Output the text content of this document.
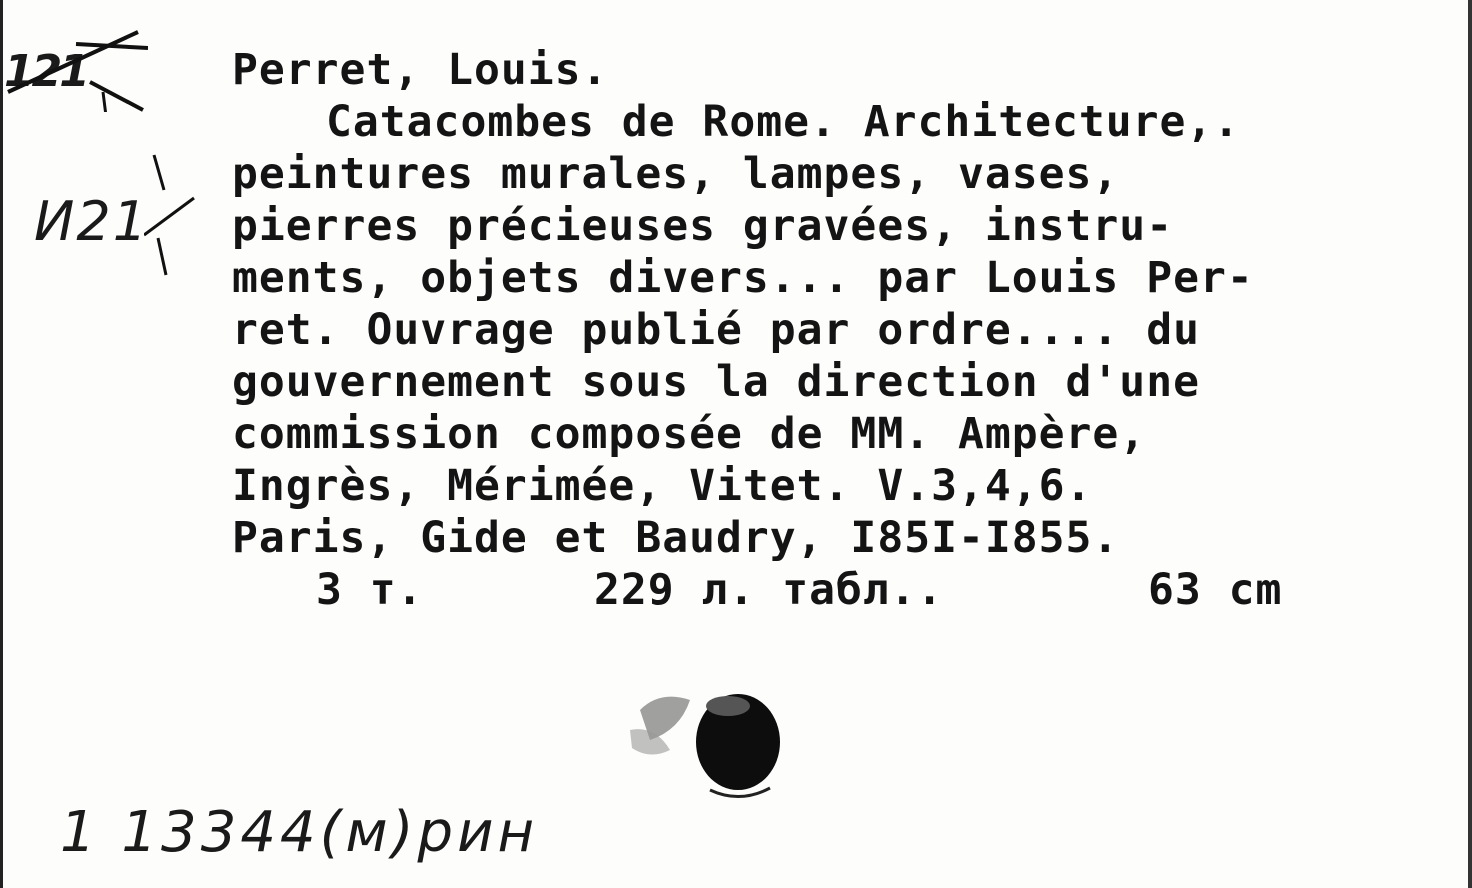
121
И21
Perret, Louis.
Catacombes de Rome. Architecture,.
peintures murales, lampes, vases,
pierres précieuses gravées, instru-
ments, objets divers... par Louis Per-
ret. Ouvrage publié par ordre.... du
gouvernement sous la direction d'une
commission composée de MM. Ampère,
Ingrès, Mérimée, Vitet. V.3,4,6.
Paris, Gide et Baudry, I85I-I855.
3 т.	229 л. табл..	63 cm
1 13344(м)рин
